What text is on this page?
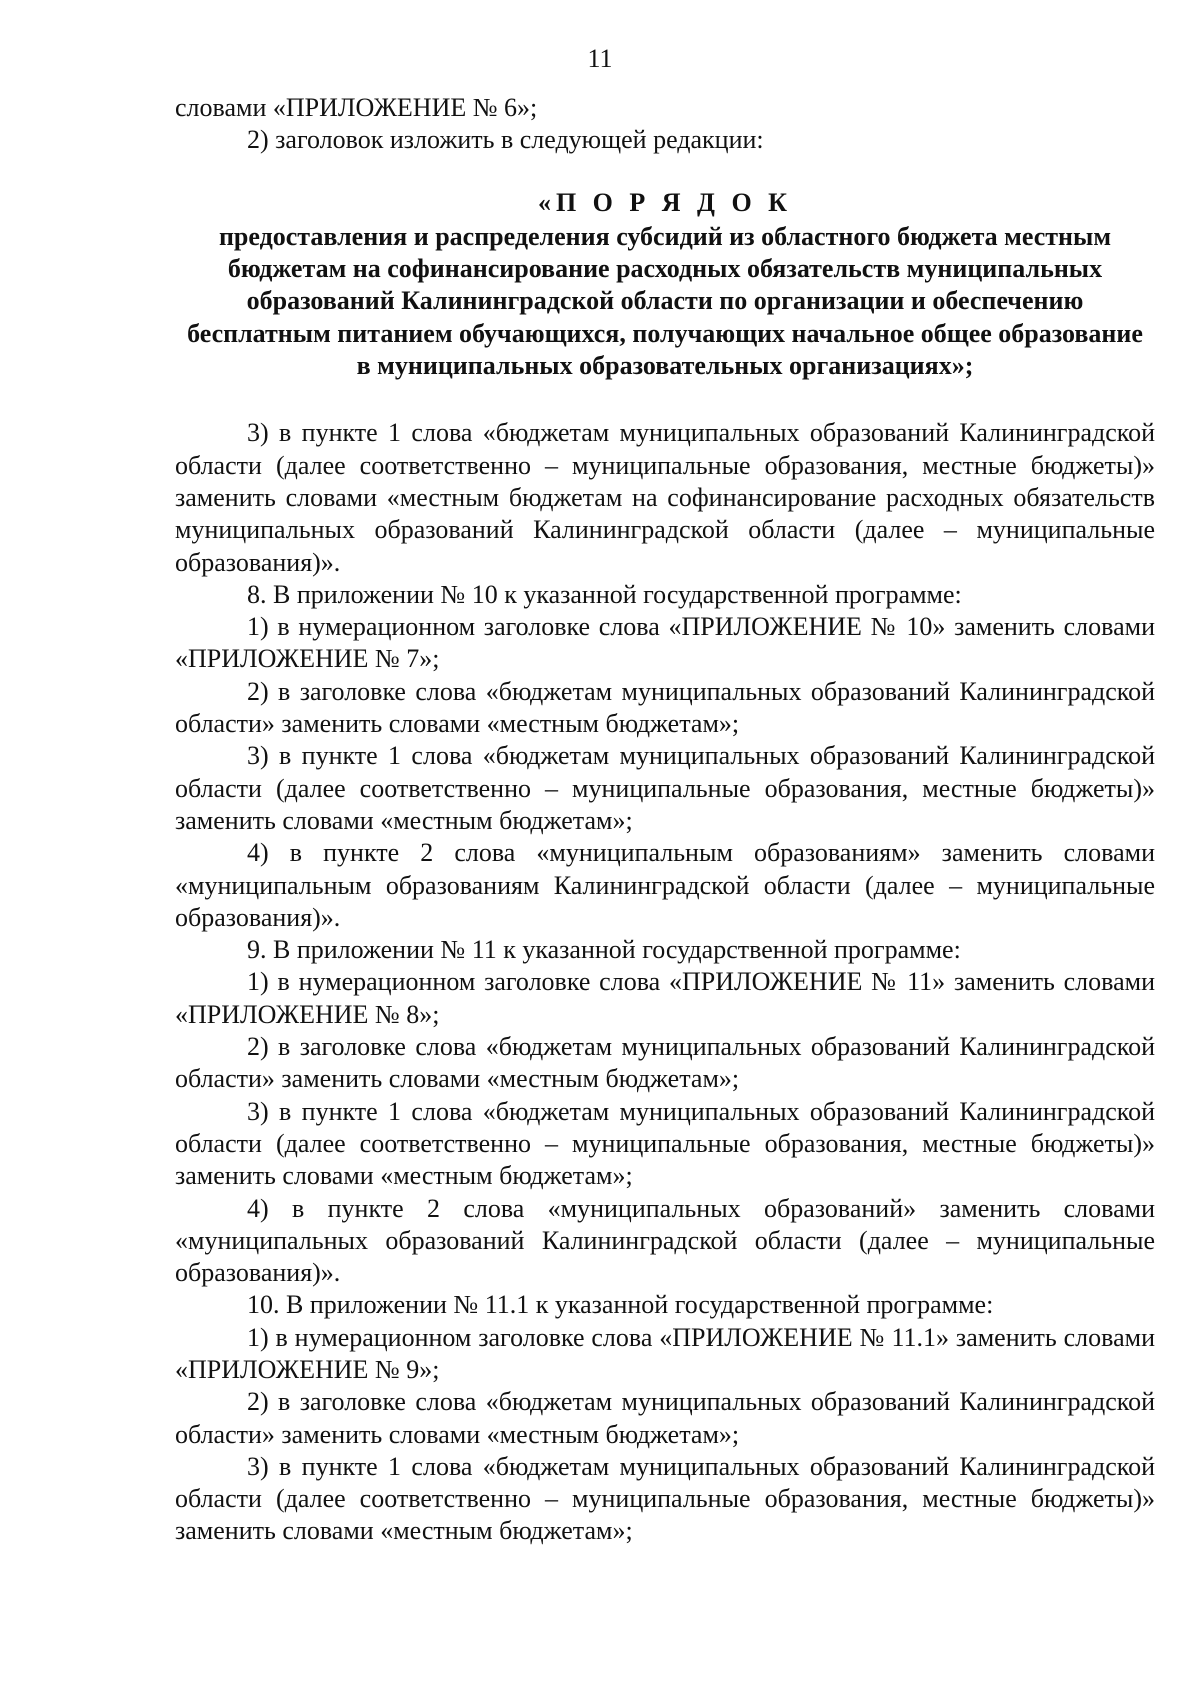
11

словами «ПРИЛОЖЕНИЕ № 6»;

2) заголовок изложить в следующей редакции:

«П О Р Я Д О К
предоставления и распределения субсидий из областного бюджета местным бюджетам на софинансирование расходных обязательств муниципальных образований Калининградской области по организации и обеспечению бесплатным питанием обучающихся, получающих начальное общее образование в муниципальных образовательных организациях»;

3) в пункте 1 слова «бюджетам муниципальных образований Калининградской области (далее соответственно – муниципальные образования, местные бюджеты)» заменить словами «местным бюджетам на софинансирование расходных обязательств муниципальных образований Калининградской области (далее – муниципальные образования)».

8. В приложении № 10 к указанной государственной программе:

1) в нумерационном заголовке слова «ПРИЛОЖЕНИЕ № 10» заменить словами «ПРИЛОЖЕНИЕ № 7»;

2) в заголовке слова «бюджетам муниципальных образований Калининградской области» заменить словами «местным бюджетам»;

3) в пункте 1 слова «бюджетам муниципальных образований Калининградской области (далее соответственно – муниципальные образования, местные бюджеты)» заменить словами «местным бюджетам»;

4) в пункте 2 слова «муниципальным образованиям» заменить словами «муниципальным образованиям Калининградской области (далее – муниципальные образования)».

9. В приложении № 11 к указанной государственной программе:

1) в нумерационном заголовке слова «ПРИЛОЖЕНИЕ № 11» заменить словами «ПРИЛОЖЕНИЕ № 8»;

2) в заголовке слова «бюджетам муниципальных образований Калининградской области» заменить словами «местным бюджетам»;

3) в пункте 1 слова «бюджетам муниципальных образований Калининградской области (далее соответственно – муниципальные образования, местные бюджеты)» заменить словами «местным бюджетам»;

4) в пункте 2 слова «муниципальных образований» заменить словами «муниципальных образований Калининградской области (далее – муниципальные образования)».

10. В приложении № 11.1 к указанной государственной программе:

1) в нумерационном заголовке слова «ПРИЛОЖЕНИЕ № 11.1» заменить словами «ПРИЛОЖЕНИЕ № 9»;

2) в заголовке слова «бюджетам муниципальных образований Калининградской области» заменить словами «местным бюджетам»;

3) в пункте 1 слова «бюджетам муниципальных образований Калининградской области (далее соответственно – муниципальные образования, местные бюджеты)» заменить словами «местным бюджетам»;
